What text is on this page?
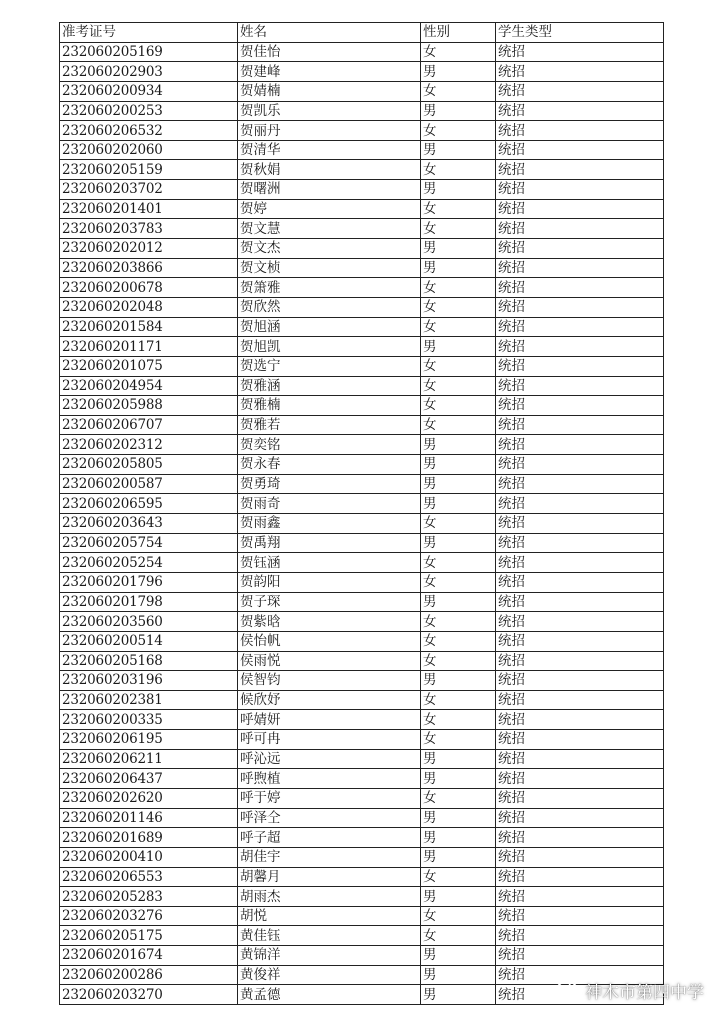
准考证号	姓名	性别	学生类型
232060205169	贺佳怡	女	统招
232060202903	贺建峰	男	统招
232060200934	贺婧楠	女	统招
232060200253	贺凯乐	男	统招
232060206532	贺丽丹	女	统招
232060202060	贺清华	男	统招
232060205159	贺秋娟	女	统招
232060203702	贺曙洲	男	统招
232060201401	贺婷	女	统招
232060203783	贺文慧	女	统招
232060202012	贺文杰	男	统招
232060203866	贺文桢	男	统招
232060200678	贺箫雅	女	统招
232060202048	贺欣然	女	统招
232060201584	贺旭涵	女	统招
232060201171	贺旭凯	男	统招
232060201075	贺选宁	女	统招
232060204954	贺雅涵	女	统招
232060205988	贺雅楠	女	统招
232060206707	贺雅若	女	统招
232060202312	贺奕铭	男	统招
232060205805	贺永春	男	统招
232060200587	贺勇琦	男	统招
232060206595	贺雨奇	男	统招
232060203643	贺雨鑫	女	统招
232060205754	贺禹翔	男	统招
232060205254	贺钰涵	女	统招
232060201796	贺韵阳	女	统招
232060201798	贺子琛	男	统招
232060203560	贺紫晗	女	统招
232060200514	侯怡帆	女	统招
232060205168	侯雨悦	女	统招
232060203196	侯智钧	男	统招
232060202381	候欣妤	女	统招
232060200335	呼婧妍	女	统招
232060206195	呼可冉	女	统招
232060206211	呼沁远	男	统招
232060206437	呼煦植	男	统招
232060202620	呼于婷	女	统招
232060201146	呼泽仝	男	统招
232060201689	呼子超	男	统招
232060200410	胡佳宇	男	统招
232060206553	胡馨月	女	统招
232060205283	胡雨杰	男	统招
232060203276	胡悦	女	统招
232060205175	黄佳钰	女	统招
232060201674	黄锦洋	男	统招
232060200286	黄俊祥	男	统招
232060203270	黄孟德	男	统招	神木市第四中学
